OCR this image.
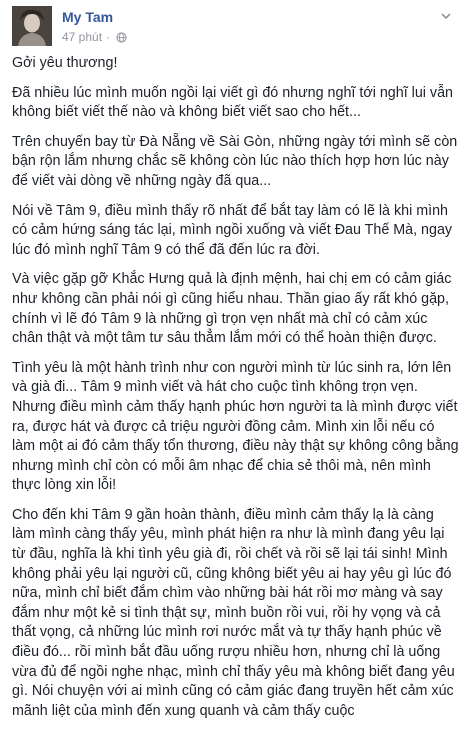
My Tam
47 phút ·

Gởi yêu thương!

Đã nhiều lúc mình muốn ngồi lại viết gì đó nhưng nghĩ tới nghĩ lui vẫn không biết viết thế nào và không biết viết sao cho hết...

Trên chuyến bay từ Đà Nẵng về Sài Gòn, những ngày tới mình sẽ còn bận rộn lắm nhưng chắc sẽ không còn lúc nào thích hợp hơn lúc này để viết vài dòng về những ngày đã qua...

Nói về Tâm 9, điều mình thấy rõ nhất để bắt tay làm có lẽ là khi mình có cảm hứng sáng tác lại, mình ngồi xuống và viết Đau Thế Mà, ngay lúc đó mình nghĩ Tâm 9 có thể đã đến lúc ra đời.

Và việc gặp gỡ Khắc Hưng quả là định mệnh, hai chị em có cảm giác như không cần phải nói gì cũng hiểu nhau. Thần giao ấy rất khó gặp, chính vì lẽ đó Tâm 9 là những gì trọn vẹn nhất mà chỉ có cảm xúc chân thật và một tâm tư sâu thẳm lắm mới có thể hoàn thiện được.

Tình yêu là một hành trình như con người mình từ lúc sinh ra, lớn lên và già đi... Tâm 9 mình viết và hát cho cuộc tình không trọn vẹn. Nhưng điều mình cảm thấy hạnh phúc hơn người ta là mình được viết ra, được hát và được cả triệu người đồng cảm. Mình xin lỗi nếu có làm một ai đó cảm thấy tổn thương, điều này thật sự không công bằng nhưng mình chỉ còn có mỗi âm nhạc để chia sẻ thôi mà, nên mình thực lòng xin lỗi!

Cho đến khi Tâm 9 gần hoàn thành, điều mình cảm thấy lạ là càng làm mình càng thấy yêu, mình phát hiện ra như là mình đang yêu lại từ đầu, nghĩa là khi tình yêu già đi, rồi chết và rồi sẽ lại tái sinh! Mình không phải yêu lại người cũ, cũng không biết yêu ai hay yêu gì lúc đó nữa, mình chỉ biết đắm chìm vào những bài hát rồi mơ màng và say đắm như một kẻ si tình thật sự, mình buồn rồi vui, rồi hy vọng và cả thất vọng, cả những lúc mình rơi nước mắt và tự thấy hạnh phúc về điều đó... rồi mình bắt đầu uống rượu nhiều hơn, nhưng chỉ là uống vừa đủ để ngồi nghe nhạc, mình chỉ thấy yêu mà không biết đang yêu gì. Nói chuyện với ai mình cũng có cảm giác đang truyền hết cảm xúc mãnh liệt của mình đến xung quanh và cảm thấy cuộc
